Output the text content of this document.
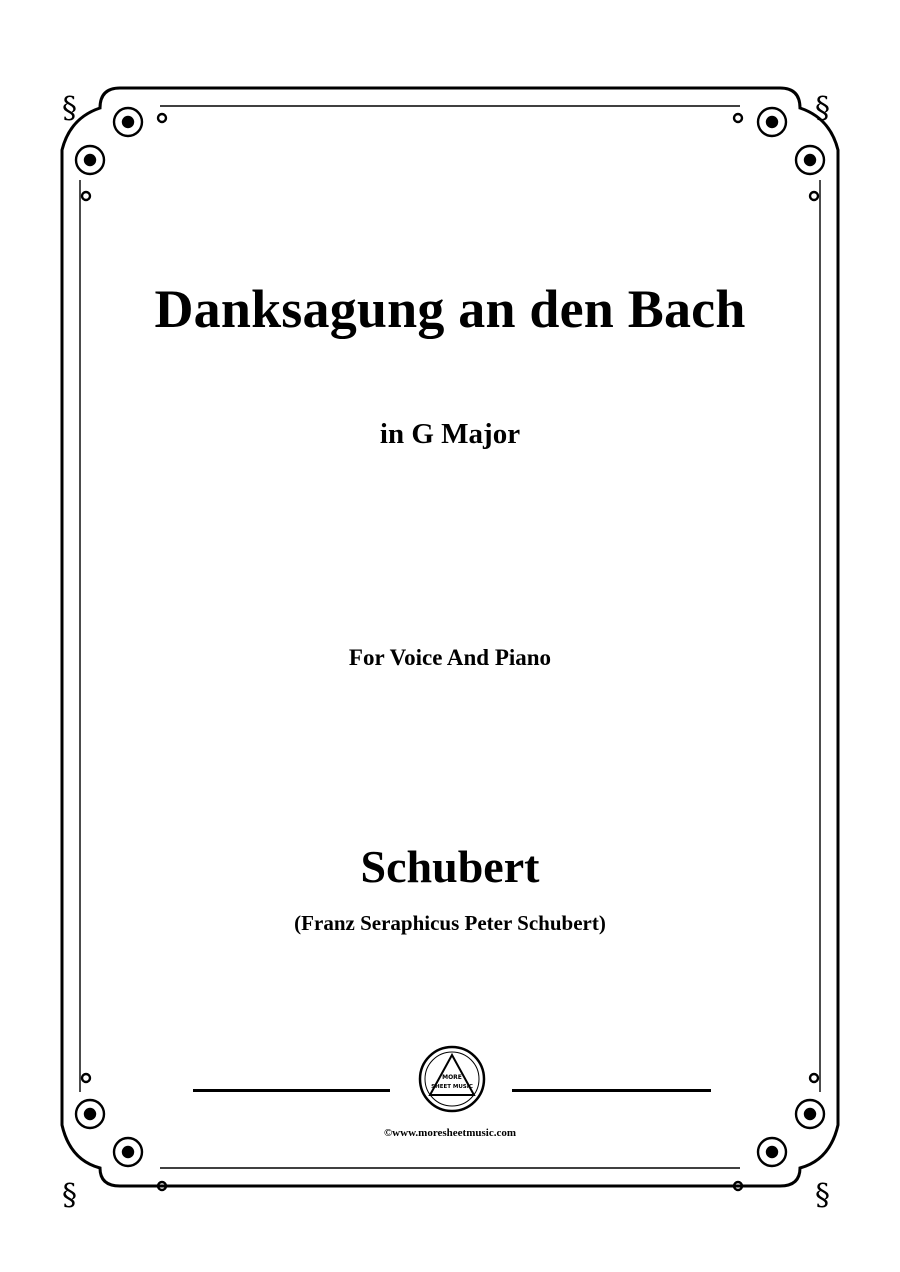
§	§
§	§
Danksagung an den Bach
in G Major
For Voice And Piano
Schubert
(Franz Seraphicus Peter Schubert)
MORE
SHEET MUSIC
©www.moresheetmusic.com
